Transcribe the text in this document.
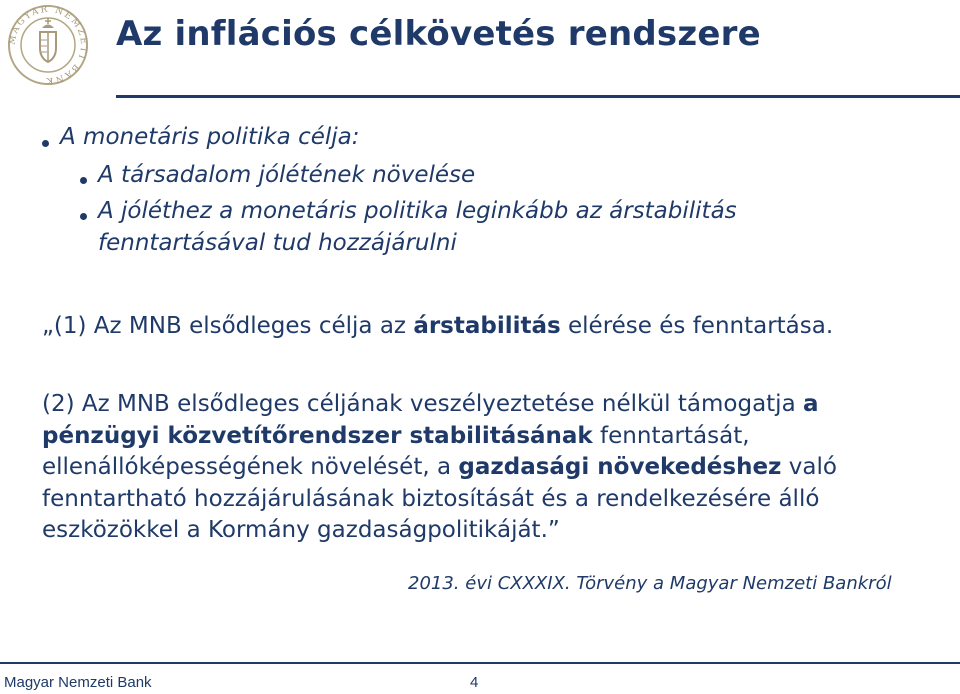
MAGYAR NEMZETI BANK
Az inflációs célkövetés rendszere
A monetáris politika célja:
A társadalom jólétének növelése
A jóléthez a monetáris politika leginkább az árstabilitás
fenntartásával tud hozzájárulni
„(1) Az MNB elsődleges célja az árstabilitás elérése és fenntartása.
(2) Az MNB elsődleges céljának veszélyeztetése nélkül támogatja a pénzügyi közvetítőrendszer stabilitásának fenntartását, ellenállóképességének növelését, a gazdasági növekedéshez való fenntartható hozzájárulásának biztosítását és a rendelkezésére álló eszközökkel a Kormány gazdaságpolitikáját.”
2013. évi CXXXIX. Törvény a Magyar Nemzeti Bankról
Magyar Nemzeti Bank	4
